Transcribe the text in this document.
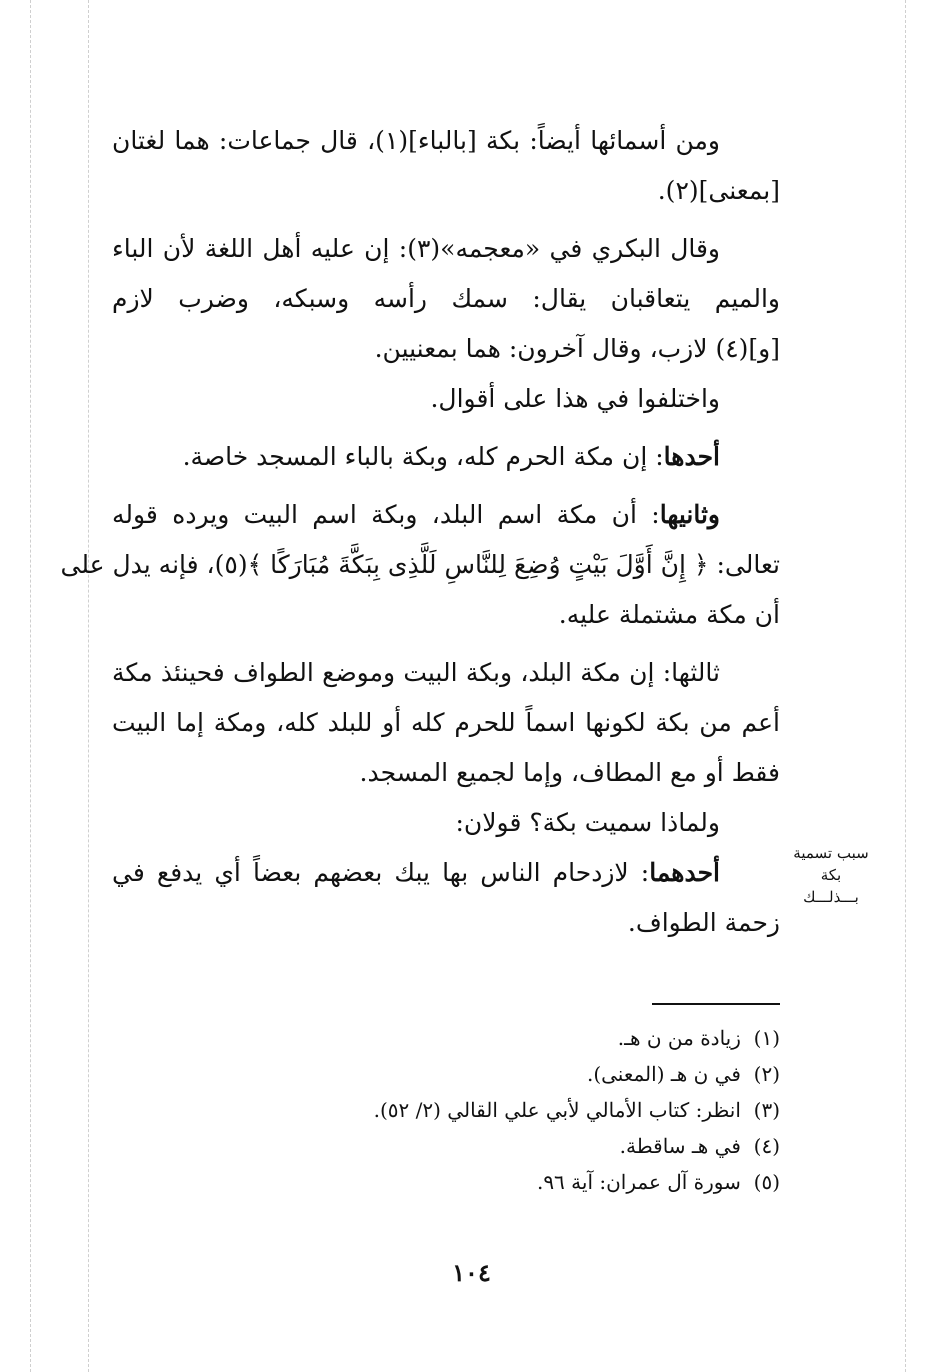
ومن أسمائها أيضاً: بكة [بالباء](١)، قال جماعات: هما لغتان
[بمعنى](٢).
وقال البكري في «معجمه»(٣): إن عليه أهل اللغة لأن الباء
والميم يتعاقبان يقال: سمك رأسه وسبكه، وضرب لازم
[و](٤) لازب، وقال آخرون: هما بمعنيين.
واختلفوا في هذا على أقوال.
أحدها: إن مكة الحرم كله، وبكة بالباء المسجد خاصة.
وثانيها: أن مكة اسم البلد، وبكة اسم البيت ويرده قوله
تعالى: ﴿ إِنَّ أَوَّلَ بَيْتٍ وُضِعَ لِلنَّاسِ لَلَّذِى بِبَكَّةَ مُبَارَكًا ﴾(٥)، فإنه يدل على
أن مكة مشتملة عليه.
ثالثها: إن مكة البلد، وبكة البيت وموضع الطواف فحينئذ مكة
أعم من بكة لكونها اسماً للحرم كله أو للبلد كله، ومكة إما البيت
فقط أو مع المطاف، وإما لجميع المسجد.
ولماذا سميت بكة؟ قولان:
أحدهما: لازدحام الناس بها يبك بعضهم بعضاً أي يدفع في
زحمة الطواف.
سبب تسمية بكة
بـــذلـــك
(١)  زيادة من ن هـ.
(٢)  في ن هـ (المعنى).
(٣)  انظر: كتاب الأمالي لأبي علي القالي (٢/ ٥٢).
(٤)  في هـ ساقطة.
(٥)  سورة آل عمران: آية ٩٦.
١٠٤
